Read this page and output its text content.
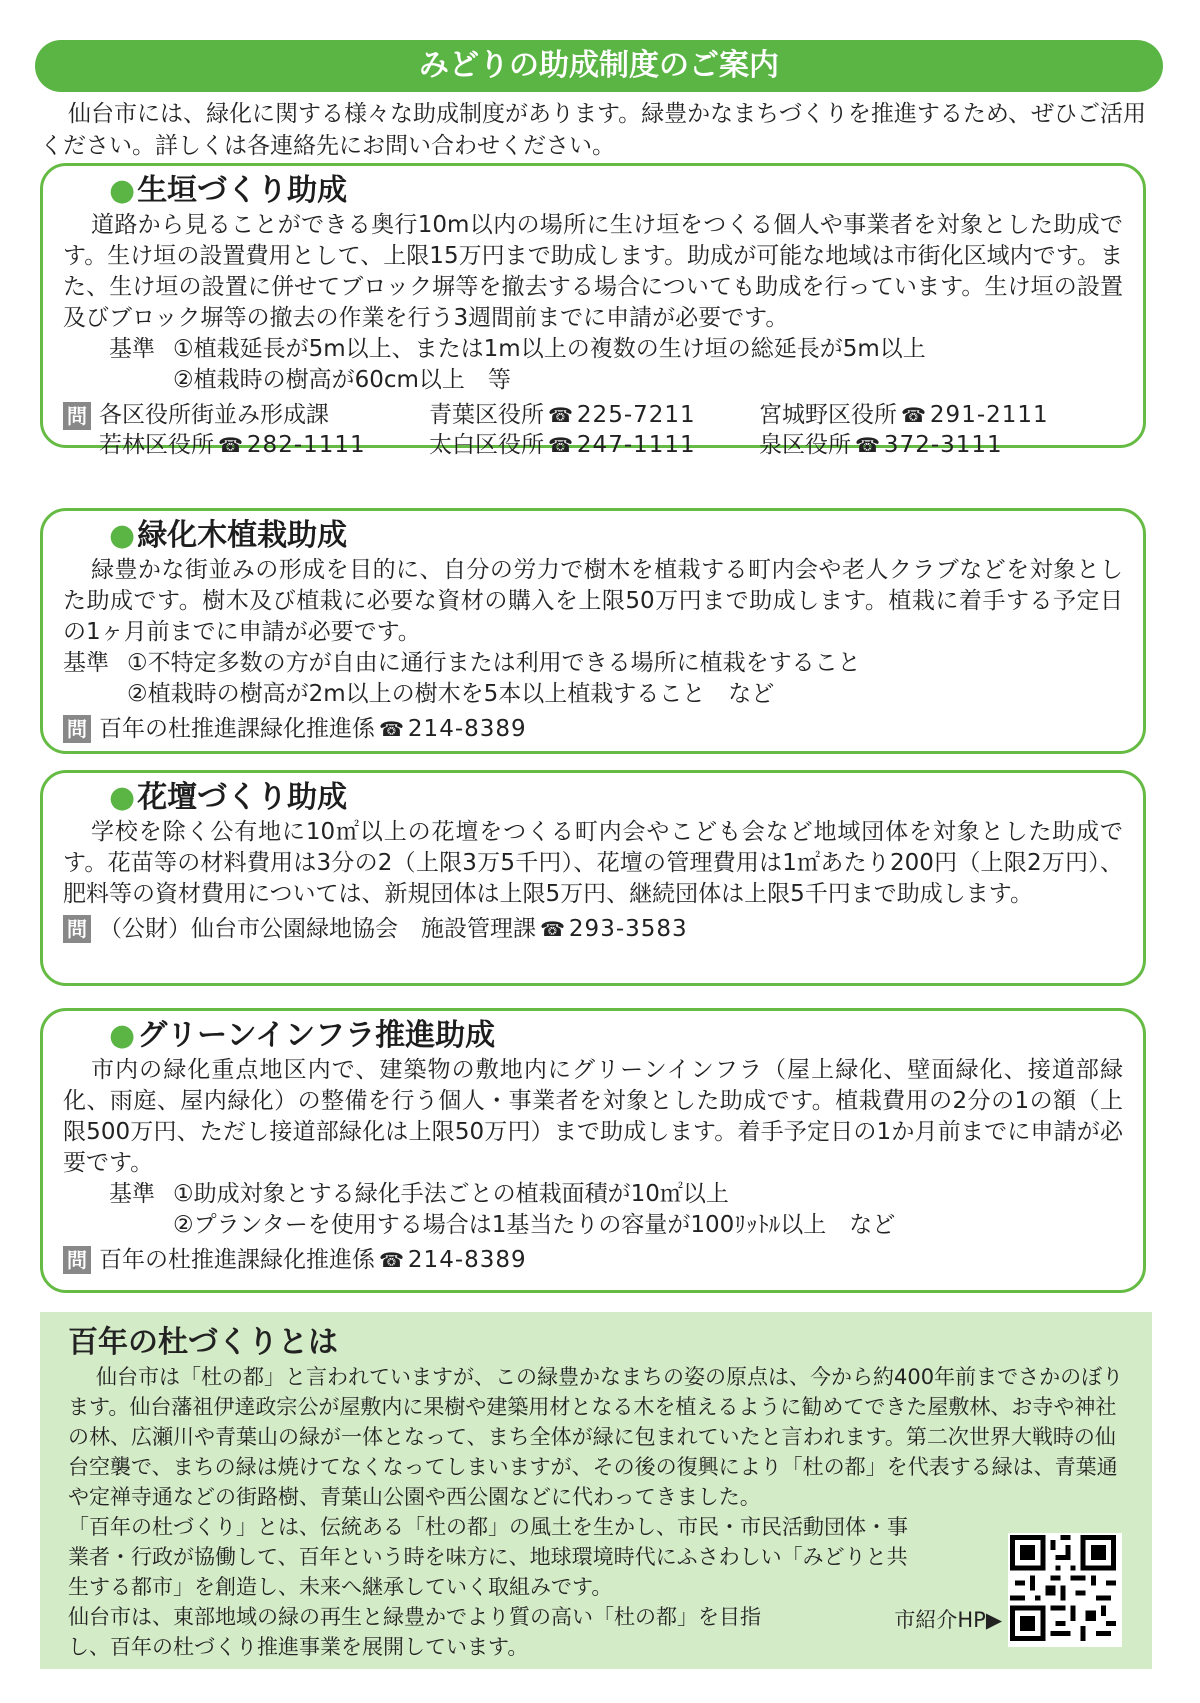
みどりの助成制度のご案内
仙台市には、緑化に関する様々な助成制度があります。緑豊かなまちづくりを推進するため、ぜひご活用ください。詳しくは各連絡先にお問い合わせください。
●生垣づくり助成
道路から見ることができる奥行10m以内の場所に生け垣をつくる個人や事業者を対象とした助成です。生け垣の設置費用として、上限15万円まで助成します。助成が可能な地域は市街化区域内です。また、生け垣の設置に併せてブロック塀等を撤去する場合についても助成を行っています。生け垣の設置及びブロック塀等の撤去の作業を行う3週間前までに申請が必要です。
基準 ①植栽延長が5m以上、または1m以上の複数の生け垣の総延長が5m以上
②植栽時の樹高が60cm以上　等
問 各区役所街並み形成課	青葉区役所 ☎ 225-7211	宮城野区役所 ☎ 291-2111
若林区役所 ☎ 282-1111	太白区役所 ☎ 247-1111	泉区役所 ☎ 372-3111
●緑化木植栽助成
緑豊かな街並みの形成を目的に、自分の労力で樹木を植栽する町内会や老人クラブなどを対象とした助成です。樹木及び植栽に必要な資材の購入を上限50万円まで助成します。植栽に着手する予定日の1ヶ月前までに申請が必要です。
基準 ①不特定多数の方が自由に通行または利用できる場所に植栽をすること
②植栽時の樹高が2m以上の樹木を5本以上植栽すること　など
問 百年の杜推進課緑化推進係 ☎ 214-8389
●花壇づくり助成
学校を除く公有地に10㎡以上の花壇をつくる町内会やこども会など地域団体を対象とした助成です。花苗等の材料費用は3分の2（上限3万5千円）、花壇の管理費用は1㎡あたり200円（上限2万円）、肥料等の資材費用については、新規団体は上限5万円、継続団体は上限5千円まで助成します。
問 （公財）仙台市公園緑地協会　施設管理課 ☎ 293-3583
●グリーンインフラ推進助成
市内の緑化重点地区内で、建築物の敷地内にグリーンインフラ（屋上緑化、壁面緑化、接道部緑化、雨庭、屋内緑化）の整備を行う個人・事業者を対象とした助成です。植栽費用の2分の1の額（上限500万円、ただし接道部緑化は上限50万円）まで助成します。着手予定日の1か月前までに申請が必要です。
基準 ①助成対象とする緑化手法ごとの植栽面積が10㎡以上
②プランターを使用する場合は1基当たりの容量が100ﾘｯﾄﾙ以上　など
問 百年の杜推進課緑化推進係 ☎ 214-8389
百年の杜づくりとは
仙台市は「杜の都」と言われていますが、この緑豊かなまちの姿の原点は、今から約400年前までさかのぼります。仙台藩祖伊達政宗公が屋敷内に果樹や建築用材となる木を植えるように勧めてできた屋敷林、お寺や神社の林、広瀬川や青葉山の緑が一体となって、まち全体が緑に包まれていたと言われます。第二次世界大戦時の仙台空襲で、まちの緑は焼けてなくなってしまいますが、その後の復興により「杜の都」を代表する緑は、青葉通や定禅寺通などの街路樹、青葉山公園や西公園などに代わってきました。
「百年の杜づくり」とは、伝統ある「杜の都」の風土を生かし、市民・市民活動団体・事業者・行政が協働して、百年という時を味方に、地球環境時代にふさわしい「みどりと共生する都市」を創造し、未来へ継承していく取組みです。
仙台市は、東部地域の緑の再生と緑豊かでより質の高い「杜の都」を目指し、百年の杜づくり推進事業を展開しています。
市紹介HP▶
